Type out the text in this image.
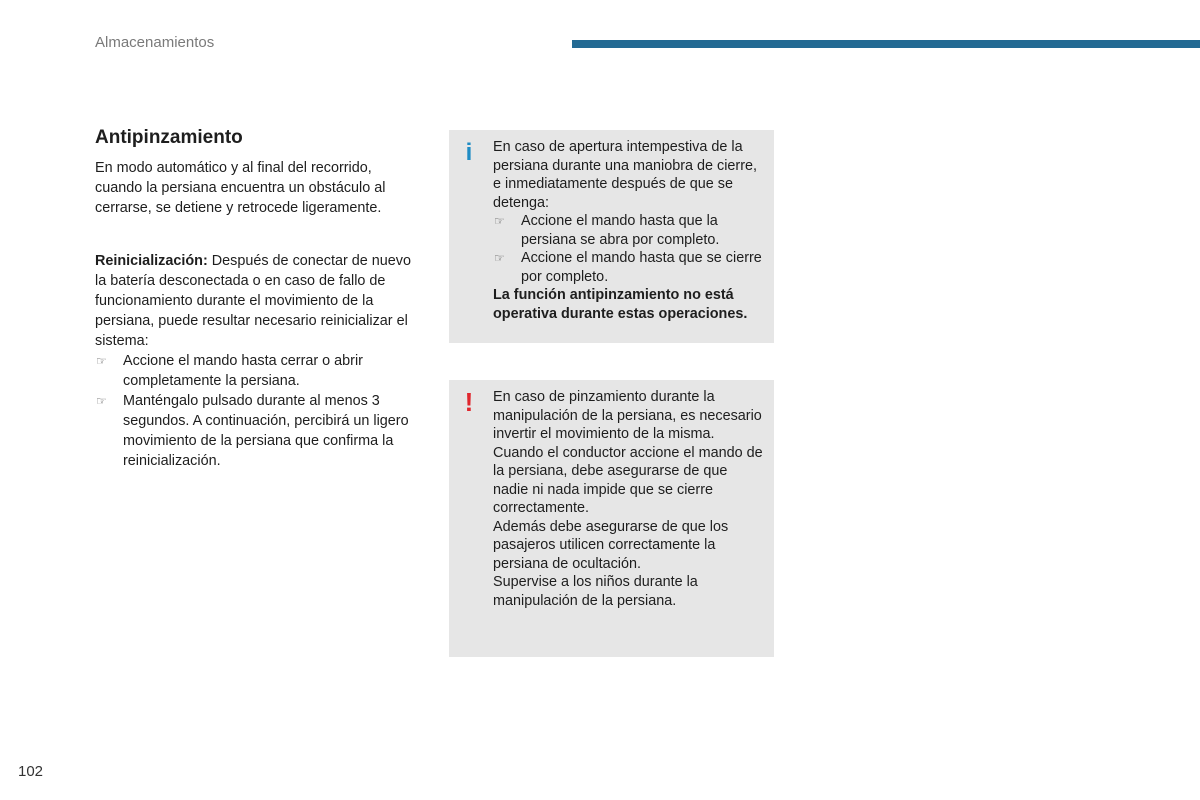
Almacenamientos
Antipinzamiento

En modo automático y al final del recorrido, cuando la persiana encuentra un obstáculo al cerrarse, se detiene y retrocede ligeramente.

Reinicialización: Después de conectar de nuevo la batería desconectada o en caso de fallo de funcionamiento durante el movimiento de la persiana, puede resultar necesario reinicializar el sistema:

☞ Accione el mando hasta cerrar o abrir completamente la persiana.
☞ Manténgalo pulsado durante al menos 3 segundos. A continuación, percibirá un ligero movimiento de la persiana que confirma la reinicialización.
i En caso de apertura intempestiva de la persiana durante una maniobra de cierre, e inmediatamente después de que se detenga:

☞ Accione el mando hasta que la persiana se abra por completo.
☞ Accione el mando hasta que se cierre por completo.

La función antipinzamiento no está operativa durante estas operaciones.

! En caso de pinzamiento durante la manipulación de la persiana, es necesario invertir el movimiento de la misma.

Cuando el conductor accione el mando de la persiana, debe asegurarse de que nadie ni nada impide que se cierre correctamente.

Además debe asegurarse de que los pasajeros utilicen correctamente la persiana de ocultación.

Supervise a los niños durante la manipulación de la persiana.

102
